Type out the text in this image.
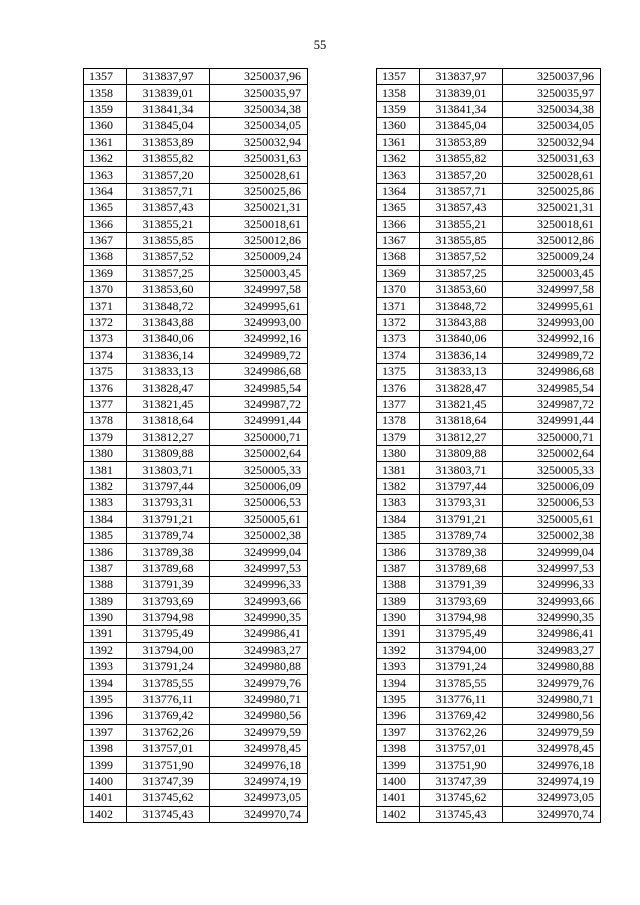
55
1357	313837,97	3250037,96
1358	313839,01	3250035,97
1359	313841,34	3250034,38
1360	313845,04	3250034,05
1361	313853,89	3250032,94
1362	313855,82	3250031,63
1363	313857,20	3250028,61
1364	313857,71	3250025,86
1365	313857,43	3250021,31
1366	313855,21	3250018,61
1367	313855,85	3250012,86
1368	313857,52	3250009,24
1369	313857,25	3250003,45
1370	313853,60	3249997,58
1371	313848,72	3249995,61
1372	313843,88	3249993,00
1373	313840,06	3249992,16
1374	313836,14	3249989,72
1375	313833,13	3249986,68
1376	313828,47	3249985,54
1377	313821,45	3249987,72
1378	313818,64	3249991,44
1379	313812,27	3250000,71
1380	313809,88	3250002,64
1381	313803,71	3250005,33
1382	313797,44	3250006,09
1383	313793,31	3250006,53
1384	313791,21	3250005,61
1385	313789,74	3250002,38
1386	313789,38	3249999,04
1387	313789,68	3249997,53
1388	313791,39	3249996,33
1389	313793,69	3249993,66
1390	313794,98	3249990,35
1391	313795,49	3249986,41
1392	313794,00	3249983,27
1393	313791,24	3249980,88
1394	313785,55	3249979,76
1395	313776,11	3249980,71
1396	313769,42	3249980,56
1397	313762,26	3249979,59
1398	313757,01	3249978,45
1399	313751,90	3249976,18
1400	313747,39	3249974,19
1401	313745,62	3249973,05
1402	313745,43	3249970,74
1357	313837,97	3250037,96
1358	313839,01	3250035,97
1359	313841,34	3250034,38
1360	313845,04	3250034,05
1361	313853,89	3250032,94
1362	313855,82	3250031,63
1363	313857,20	3250028,61
1364	313857,71	3250025,86
1365	313857,43	3250021,31
1366	313855,21	3250018,61
1367	313855,85	3250012,86
1368	313857,52	3250009,24
1369	313857,25	3250003,45
1370	313853,60	3249997,58
1371	313848,72	3249995,61
1372	313843,88	3249993,00
1373	313840,06	3249992,16
1374	313836,14	3249989,72
1375	313833,13	3249986,68
1376	313828,47	3249985,54
1377	313821,45	3249987,72
1378	313818,64	3249991,44
1379	313812,27	3250000,71
1380	313809,88	3250002,64
1381	313803,71	3250005,33
1382	313797,44	3250006,09
1383	313793,31	3250006,53
1384	313791,21	3250005,61
1385	313789,74	3250002,38
1386	313789,38	3249999,04
1387	313789,68	3249997,53
1388	313791,39	3249996,33
1389	313793,69	3249993,66
1390	313794,98	3249990,35
1391	313795,49	3249986,41
1392	313794,00	3249983,27
1393	313791,24	3249980,88
1394	313785,55	3249979,76
1395	313776,11	3249980,71
1396	313769,42	3249980,56
1397	313762,26	3249979,59
1398	313757,01	3249978,45
1399	313751,90	3249976,18
1400	313747,39	3249974,19
1401	313745,62	3249973,05
1402	313745,43	3249970,74
